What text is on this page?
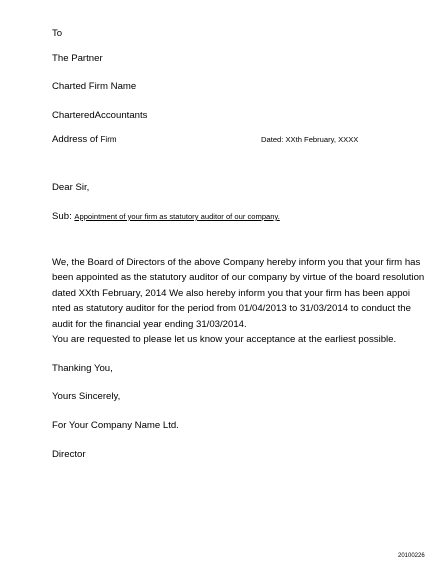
To
The Partner
Charted Firm Name
CharteredAccountants
Address of Firm	Dated: XXth February, XXXX
Dear Sir,
Sub: Appointment of your firm as statutory auditor of our company.
We, the Board of Directors of the above Company hereby inform you that your firm has
been appointed as the statutory auditor of our company by virtue of the board resolution
dated XXth February, 2014 We also hereby inform you that your firm has been appoi
nted as statutory auditor for the period from 01/04/2013 to 31/03/2014 to conduct the
audit for the financial year ending 31/03/2014.
You are requested to please let us know your acceptance at the earliest possible.
Thanking You,
Yours Sincerely,
For Your Company Name Ltd.
Director
20100226
